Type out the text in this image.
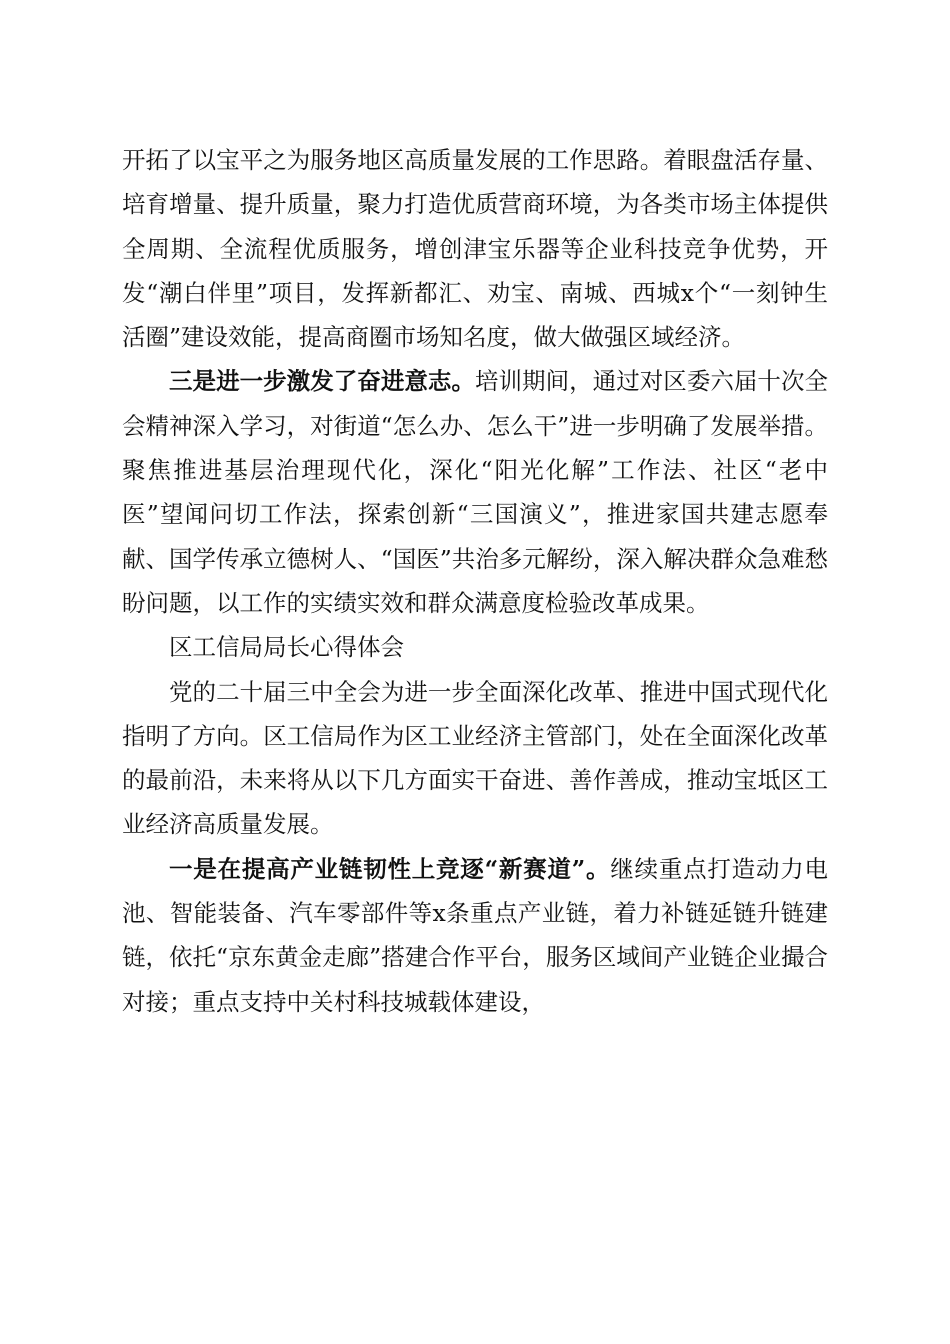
开拓了以宝平之为服务地区高质量发展的工作思路。着眼盘活存量、培育增量、提升质量，聚力打造优质营商环境，为各类市场主体提供全周期、全流程优质服务，增创津宝乐器等企业科技竞争优势，开发“潮白伴里”项目，发挥新都汇、劝宝、南城、西城x个“一刻钟生活圈”建设效能，提高商圈市场知名度，做大做强区域经济。

三是进一步激发了奋进意志。培训期间，通过对区委六届十次全会精神深入学习，对街道“怎么办、怎么干”进一步明确了发展举措。聚焦推进基层治理现代化，深化“阳光化解”工作法、社区“老中医”望闻问切工作法，探索创新“三国演义”，推进家国共建志愿奉献、国学传承立德树人、“国医”共治多元解纷，深入解决群众急难愁盼问题，以工作的实绩实效和群众满意度检验改革成果。

区工信局局长心得体会

党的二十届三中全会为进一步全面深化改革、推进中国式现代化指明了方向。区工信局作为区工业经济主管部门，处在全面深化改革的最前沿，未来将从以下几方面实干奋进、善作善成，推动宝坻区工业经济高质量发展。

一是在提高产业链韧性上竞逐“新赛道”。继续重点打造动力电池、智能装备、汽车零部件等x条重点产业链，着力补链延链升链建链，依托“京东黄金走廊”搭建合作平台，服务区域间产业链企业撮合对接；重点支持中关村科技城载体建设，
